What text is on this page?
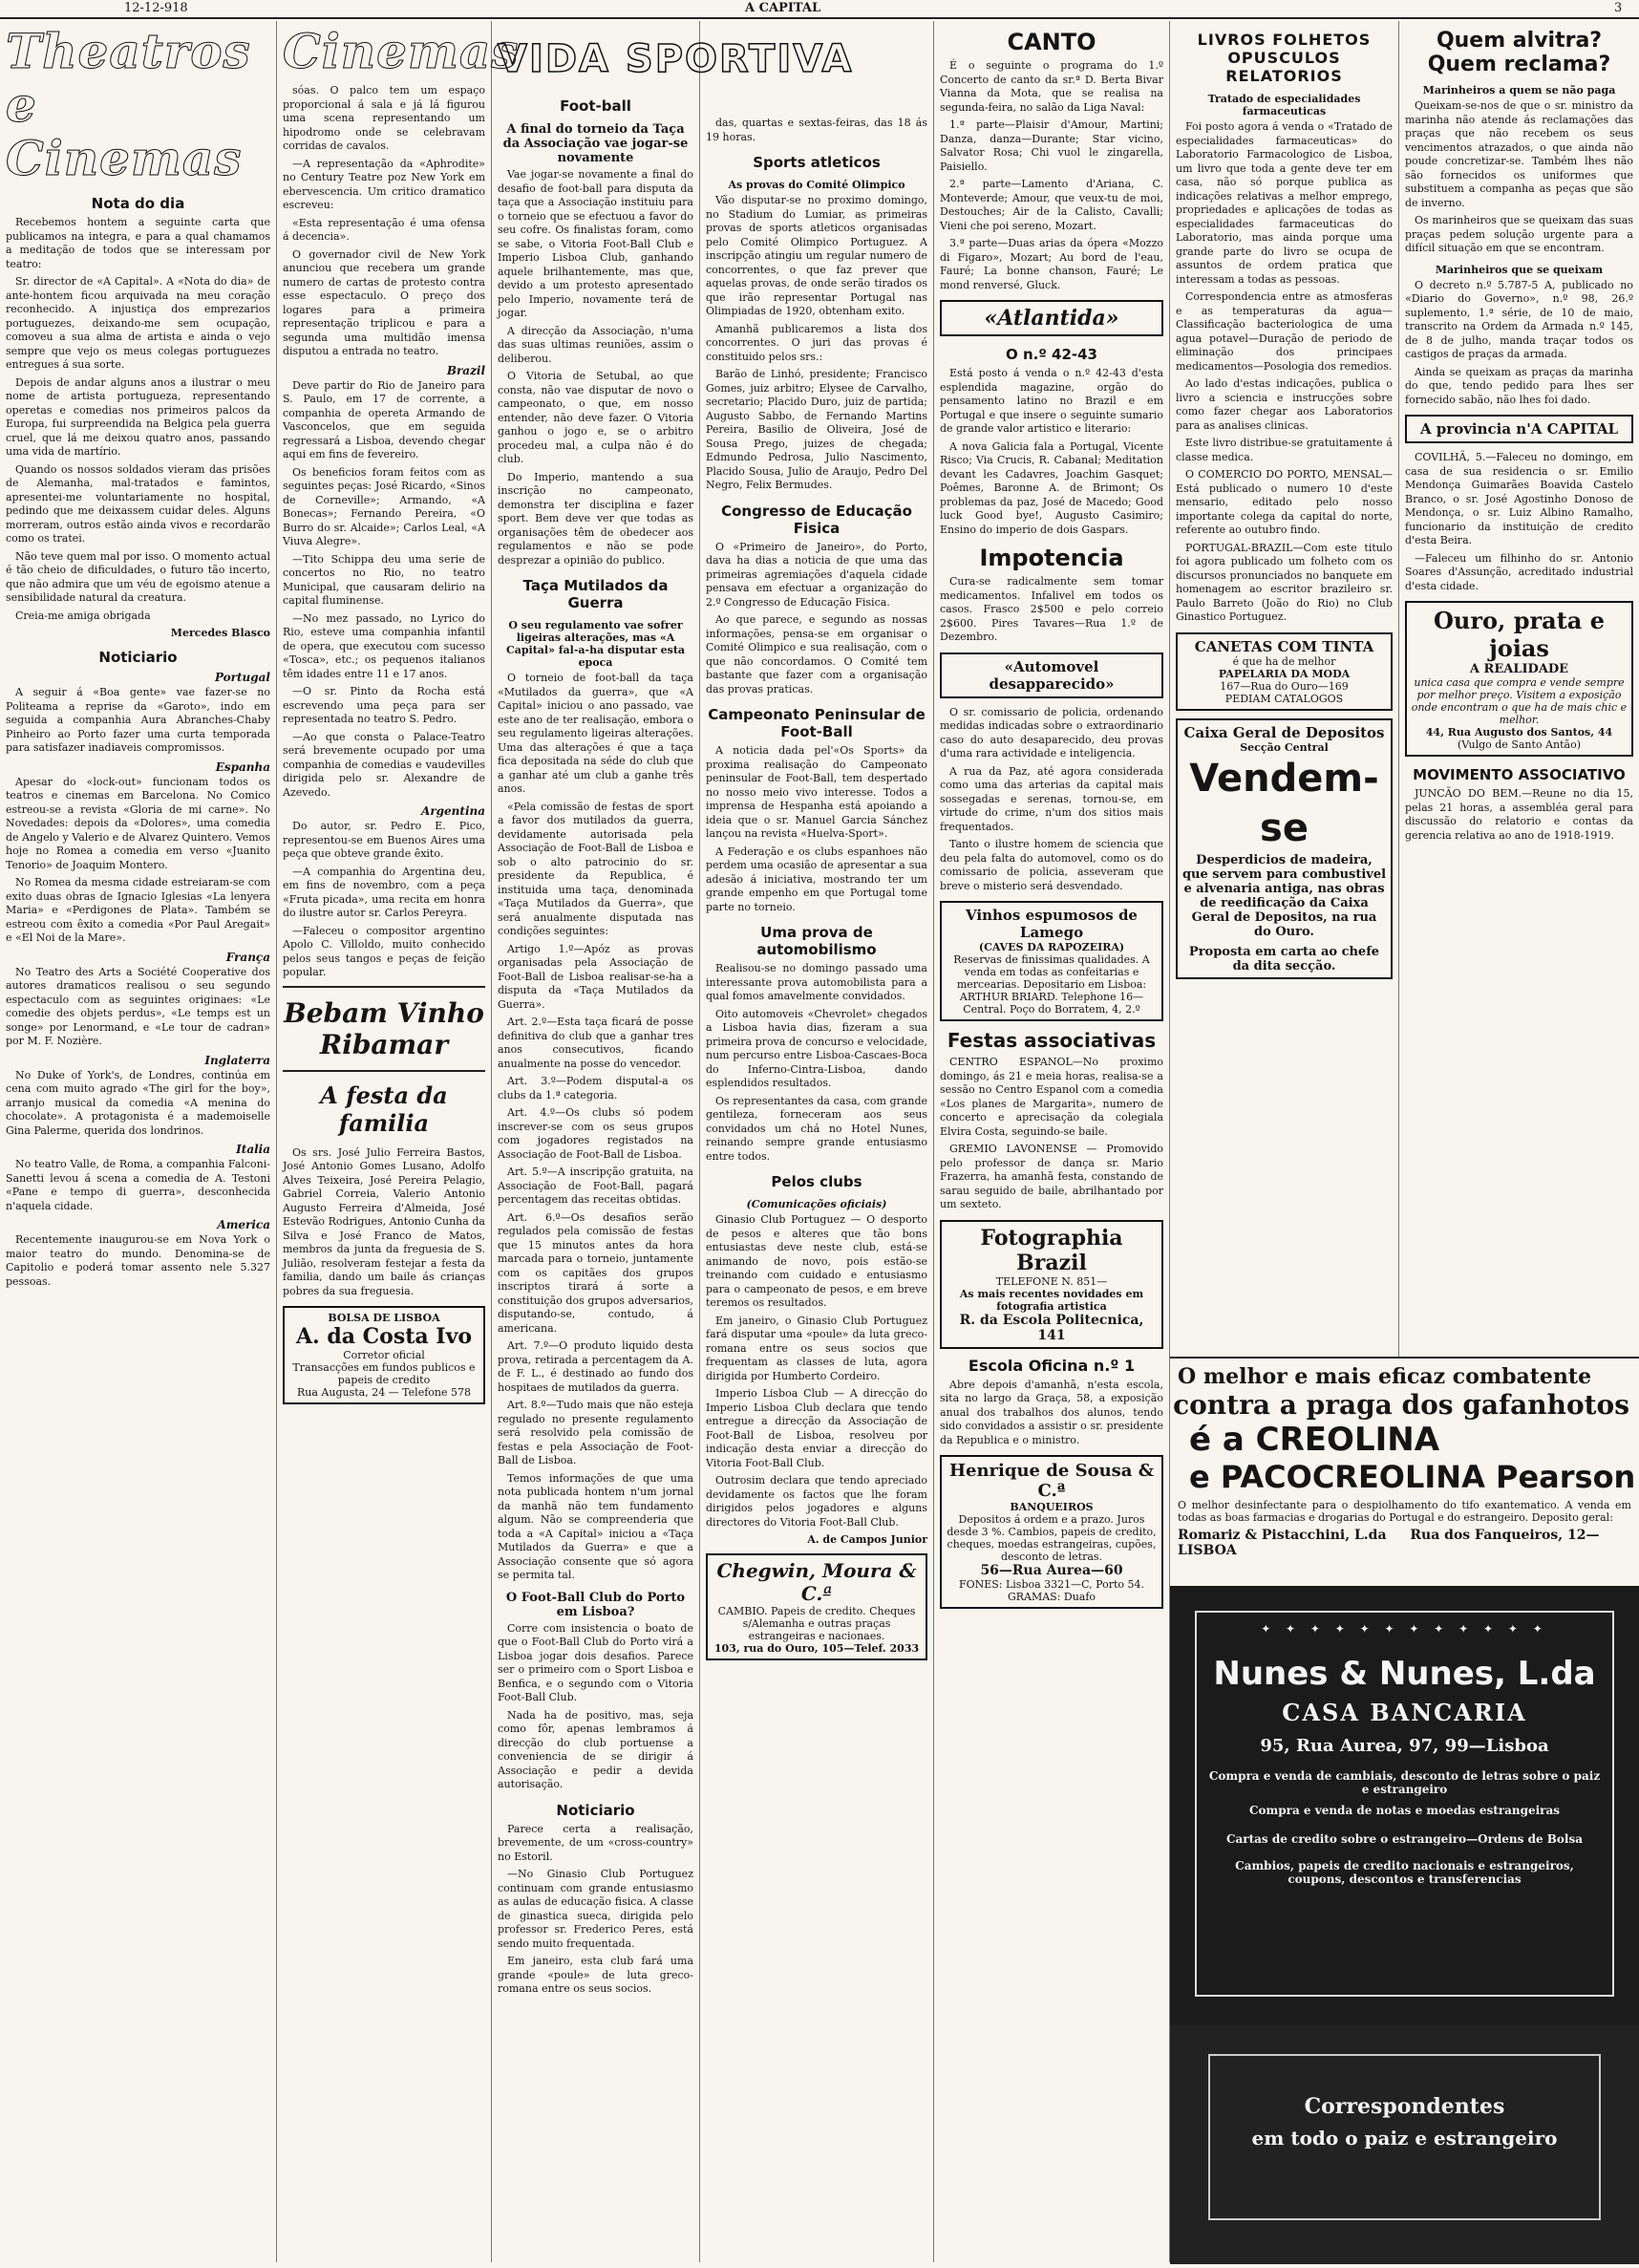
12-12-918	A CAPITAL	3
Theatros e Cinemas
Nota do dia

Recebemos hontem a seguinte carta que publicamos na integra, e para a qual chamamos a meditação de todos que se interessam por teatro:

Sr. director de «A Capital». A «Nota do dia» de ante-hontem ficou arquivada na meu coração reconhecido. A injustiça dos emprezarios portuguezes, deixando-me sem ocupação, comoveu a sua alma de artista e ainda o vejo sempre que vejo os meus colegas portuguezes entregues á sua sorte.

Depois de andar alguns anos a ilustrar o meu nome de artista portugueza, representando operetas e comedias nos primeiros palcos da Europa, fui surpreendida na Belgica pela guerra cruel, que lá me deixou quatro anos, passando uma vida de martírio.

Quando os nossos soldados vieram das prisões de Alemanha, mal-tratados e famintos, apresentei-me voluntariamente no hospital, pedindo que me deixassem cuidar deles. Alguns morreram, outros estão ainda vivos e recordarão como os tratei.

Não teve quem mal por isso. O momento actual é tão cheio de dificuldades, o futuro tão incerto, que não admira que um véu de egoismo atenue a sensibilidade natural da creatura.

Creia-me amiga obrigada

Mercedes Blasco
Noticiario
Portugal

A seguir á «Boa gente» vae fazer-se no Politeama a reprise da «Garoto», indo em seguida a companhia Aura Abranches-Chaby Pinheiro ao Porto fazer uma curta temporada para satisfazer inadiaveis compromissos.

Espanha

Apesar do «lock-out» funcionam todos os teatros e cinemas em Barcelona. No Comico estreou-se a revista «Gloria de mi carne». No Novedades: depois da «Dolores», uma comedia de Angelo y Valerio e de Alvarez Quintero. Vemos hoje no Romea a comedia em verso «Juanito Tenorio» de Joaquim Montero.

No Romea da mesma cidade estreiaram-se com exito duas obras de Ignacio Iglesias «La lenyera Maria» e «Perdigones de Plata». Também se estreou com êxito a comedia «Por Paul Aregait» e «El Noi de la Mare».

França

No Teatro des Arts a Société Cooperative dos autores dramaticos realisou o seu segundo espectaculo com as seguintes originaes: «Le comedie des objets perdus», «Le temps est un songe» por Lenormand, e «Le tour de cadran» por M. F. Nozière.

Inglaterra

No Duke of York's, de Londres, continúa em cena com muito agrado «The girl for the boy», arranjo musical da comedia «A menina do chocolate». A protagonista é a mademoiselle Gina Palerme, querida dos londrinos.

Italia

No teatro Valle, de Roma, a companhia Falconi-Sanetti levou á scena a comedia de A. Testoni «Pane e tempo di guerra», desconhecida n'aquela cidade.

America

Recentemente inaugurou-se em Nova York o maior teatro do mundo. Denomina-se de Capitolio e poderá tomar assento nele 5.327 pessoas.

Cinemas

sóas. O palco tem um espaço proporcional á sala e já lá figurou uma scena representando um hipodromo onde se celebravam corridas de cavalos.

—A representação da «Aphrodite» no Century Teatre poz New York em ebervescencia. Um critico dramatico escreveu:

«Esta representação é uma ofensa á decencia».

O governador civil de New York anunciou que recebera um grande numero de cartas de protesto contra esse espectaculo. O preço dos logares para a primeira representação triplicou e para a segunda uma multidão imensa disputou a entrada no teatro.

Brazil

Deve partir do Rio de Janeiro para S. Paulo, em 17 de corrente, a companhia de opereta Armando de Vasconcelos, que em seguida regressará a Lisboa, devendo chegar aqui em fins de fevereiro.

Os beneficios foram feitos com as seguintes peças: José Ricardo, «Sinos de Corneville»; Armando, «A Bonecas»; Fernando Pereira, «O Burro do sr. Alcaide»; Carlos Leal, «A Viuva Alegre».

—Tito Schippa deu uma serie de concertos no Rio, no teatro Municipal, que causaram delirio na capital fluminense.

—No mez passado, no Lyrico do Rio, esteve uma companhia infantil de opera, que executou com sucesso «Tosca», etc.; os pequenos italianos têm idades entre 11 e 17 anos.

—O sr. Pinto da Rocha está escrevendo uma peça para ser representada no teatro S. Pedro.

—Ao que consta o Palace-Teatro será brevemente ocupado por uma companhia de comedias e vaudevilles dirigida pelo sr. Alexandre de Azevedo.

Argentina

Do autor, sr. Pedro E. Pico, representou-se em Buenos Aires uma peça que obteve grande êxito.

—A companhia do Argentina deu, em fins de novembro, com a peça «Fruta picada», uma recita em honra do ilustre autor sr. Carlos Pereyra.

—Faleceu o compositor argentino Apolo C. Villoldo, muito conhecido pelos seus tangos e peças de feição popular.

Bebam Vinho Ribamar
A festa da familia

Os srs. José Julio Ferreira Bastos, José Antonio Gomes Lusano, Adolfo Alves Teixeira, José Pereira Pelagio, Gabriel Correia, Valerio Antonio Augusto Ferreira d'Almeida, José Estevão Rodrigues, Antonio Cunha da Silva e José Franco de Matos, membros da junta da freguesia de S. Julião, resolveram festejar a festa da familia, dando um baile ás crianças pobres da sua freguesia.

BOLSA DE LISBOA
A. da Costa Ivo
Corretor oficial
Transacções em fundos publicos e papeis de credito
Rua Augusta, 24 — Telefone 578
VIDA SPORTIVA
Foot-ball
A final do torneio da Taça da Associação vae jogar-se novamente

Vae jogar-se novamente a final do desafio de foot-ball para disputa da taça que a Associação instituiu para o torneio que se efectuou a favor do seu cofre. Os finalistas foram, como se sabe, o Vitoria Foot-Ball Club e Imperio Lisboa Club, ganhando aquele brilhantemente, mas que, devido a um protesto apresentado pelo Imperio, novamente terá de jogar.

A direcção da Associação, n'uma das suas ultimas reuniões, assim o deliberou.

O Vitoria de Setubal, ao que consta, não vae disputar de novo o campeonato, o que, em nosso entender, não deve fazer. O Vitoria ganhou o jogo e, se o arbitro procedeu mal, a culpa não é do club.

Do Imperio, mantendo a sua inscrição no campeonato, demonstra ter disciplina e fazer sport. Bem deve ver que todas as organisações têm de obedecer aos regulamentos e não se pode desprezar a opinião do publico.

Taça Mutilados da Guerra
O seu regulamento vae sofrer ligeiras alterações, mas «A Capital» fal-a-ha disputar esta epoca

O torneio de foot-ball da taça «Mutilados da guerra», que «A Capital» iniciou o ano passado, vae este ano de ter realisação, embora o seu regulamento ligeiras alterações. Uma das alterações é que a taça fica depositada na séde do club que a ganhar até um club a ganhe três anos.

«Pela comissão de festas de sport a favor dos mutilados da guerra, devidamente autorisada pela Associação de Foot-Ball de Lisboa e sob o alto patrocinio do sr. presidente da Republica, é instituida uma taça, denominada «Taça Mutilados da Guerra», que será anualmente disputada nas condições seguintes:

Artigo 1.º—Apóz as provas organisadas pela Associação de Foot-Ball de Lisboa realisar-se-ha a disputa da «Taça Mutilados da Guerra».

Art. 2.º—Esta taça ficará de posse definitiva do club que a ganhar tres anos consecutivos, ficando anualmente na posse do vencedor.

Art. 3.º—Podem disputal-a os clubs da 1.ª categoria.

Art. 4.º—Os clubs só podem inscrever-se com os seus grupos com jogadores registados na Associação de Foot-Ball de Lisboa.

Art. 5.º—A inscripção gratuita, na Associação de Foot-Ball, pagará percentagem das receitas obtidas.

Art. 6.º—Os desafios serão regulados pela comissão de festas que 15 minutos antes da hora marcada para o torneio, juntamente com os capitães dos grupos inscriptos tirará á sorte a constituição dos grupos adversarios, disputando-se, contudo, á americana.

Art. 7.º—O produto liquido desta prova, retirada a percentagem da A. de F. L., é destinado ao fundo dos hospitaes de mutilados da guerra.

Art. 8.º—Tudo mais que não esteja regulado no presente regulamento será resolvido pela comissão de festas e pela Associação de Foot-Ball de Lisboa.

Temos informações de que uma nota publicada hontem n'um jornal da manhã não tem fundamento algum. Não se compreenderia que toda a «A Capital» iniciou a «Taça Mutilados da Guerra» e que a Associação consente que só agora se permita tal.

O Foot-Ball Club do Porto em Lisboa?

Corre com insistencia o boato de que o Foot-Ball Club do Porto virá a Lisboa jogar dois desafios. Parece ser o primeiro com o Sport Lisboa e Benfica, e o segundo com o Vitoria Foot-Ball Club.

Nada ha de positivo, mas, seja como fôr, apenas lembramos á direcção do club portuense a conveniencia de se dirigir á Associação e pedir a devida autorisação.

Noticiario

Parece certa a realisação, brevemente, de um «cross-country» no Estoril.

—No Ginasio Club Portuguez continuam com grande entusiasmo as aulas de educação fisica. A classe de ginastica sueca, dirigida pelo professor sr. Frederico Peres, está sendo muito frequentada.

Em janeiro, esta club fará uma grande «poule» de luta greco-romana entre os seus socios.

das, quartas e sextas-feiras, das 18 ás 19 horas.

Sports atleticos
As provas do Comité Olimpico

Vão disputar-se no proximo domingo, no Stadium do Lumiar, as primeiras provas de sports atleticos organisadas pelo Comité Olimpico Portuguez. A inscripção atingiu um regular numero de concorrentes, o que faz prever que aquelas provas, de onde serão tirados os que irão representar Portugal nas Olimpiadas de 1920, obtenham exito.

Amanhã publicaremos a lista dos concorrentes. O juri das provas é constituido pelos srs.:

Barão de Linhó, presidente; Francisco Gomes, juiz arbitro; Elysee de Carvalho, secretario; Placido Duro, juiz de partida; Augusto Sabbo, de Fernando Martins Pereira, Basilio de Oliveira, José de Sousa Prego, juizes de chegada; Edmundo Pedrosa, Julio Nascimento, Placido Sousa, Julio de Araujo, Pedro Del Negro, Felix Bermudes.

Congresso de Educação Fisica

O «Primeiro de Janeiro», do Porto, dava ha dias a noticia de que uma das primeiras agremiações d'aquela cidade pensava em efectuar a organização do 2.º Congresso de Educação Fisica.

Ao que parece, e segundo as nossas informações, pensa-se em organisar o Comité Olimpico e sua realisação, com o que não concordamos. O Comité tem bastante que fazer com a organisação das provas praticas.

Campeonato Peninsular de Foot-Ball

A noticia dada pel'«Os Sports» da proxima realisação do Campeonato peninsular de Foot-Ball, tem despertado no nosso meio vivo interesse. Todos a imprensa de Hespanha está apoiando a ideia que o sr. Manuel Garcia Sánchez lançou na revista «Huelva-Sport».

A Federação e os clubs espanhoes não perdem uma ocasião de apresentar a sua adesão á iniciativa, mostrando ter um grande empenho em que Portugal tome parte no torneio.

Uma prova de automobilismo

Realisou-se no domingo passado uma interessante prova automobilista para a qual fomos amavelmente convidados.

Oito automoveis «Chevrolet» chegados a Lisboa havia dias, fizeram a sua primeira prova de concurso e velocidade, num percurso entre Lisboa-Cascaes-Boca do Inferno-Cintra-Lisboa, dando esplendidos resultados.

Os representantes da casa, com grande gentileza, forneceram aos seus convidados um chá no Hotel Nunes, reinando sempre grande entusiasmo entre todos.

Pelos clubs
(Comunicações oficiais)

Ginasio Club Portuguez — O desporto de pesos e alteres que tão bons entusiastas deve neste club, está-se animando de novo, pois estão-se treinando com cuidado e entusiasmo para o campeonato de pesos, e em breve teremos os resultados.

Em janeiro, o Ginasio Club Portuguez fará disputar uma «poule» da luta greco-romana entre os seus socios que frequentam as classes de luta, agora dirigida por Humberto Cordeiro.

Imperio Lisboa Club — A direcção do Imperio Lisboa Club declara que tendo entregue a direcção da Associação de Foot-Ball de Lisboa, resolveu por indicação desta enviar a direcção do Vitoria Foot-Ball Club.

Outrosim declara que tendo apreciado devidamente os factos que lhe foram dirigidos pelos jogadores e alguns directores do Vitoria Foot-Ball Club.

A. de Campos Junior
Chegwin, Moura & C.ª
CAMBIO. Papeis de credito. Cheques s/Alemanha e outras praças estrangeiras e nacionaes.
103, rua do Ouro, 105—Telef. 2033
CANTO

É o seguinte o programa do 1.º Concerto de canto da sr.ª D. Berta Bivar Vianna da Mota, que se realisa na segunda-feira, no salão da Liga Naval:

1.ª parte—Plaisir d'Amour, Martini; Danza, danza—Durante; Star vicino, Salvator Rosa; Chi vuol le zingarella, Paisiello.

2.ª parte—Lamento d'Ariana, C. Monteverde; Amour, que veux-tu de moi, Destouches; Air de la Calisto, Cavalli; Vieni che poi sereno, Mozart.

3.ª parte—Duas arias da ópera «Mozzo di Figaro», Mozart; Au bord de l'eau, Fauré; La bonne chanson, Fauré; Le mond renversé, Gluck.

«Atlantida»
O n.º 42-43

Está posto á venda o n.º 42-43 d'esta esplendida magazine, orgão do pensamento latino no Brazil e em Portugal e que insere o seguinte sumario de grande valor artistico e literario:

A nova Galicia fala a Portugal, Vicente Risco; Via Crucis, R. Cabanal; Meditation devant les Cadavres, Joachim Gasquet; Poêmes, Baronne A. de Brimont; Os problemas da paz, José de Macedo; Good luck Good bye!, Augusto Casimiro; Ensino do imperio de dois Gaspars.

Impotencia

Cura-se radicalmente sem tomar medicamentos. Infalivel em todos os casos. Frasco 2$500 e pelo correio 2$600. Pires Tavares—Rua 1.º de Dezembro.

«Automovel desapparecido»

O sr. comissario de policia, ordenando medidas indicadas sobre o extraordinario caso do auto desaparecido, deu provas d'uma rara actividade e inteligencia.

A rua da Paz, até agora considerada como uma das arterias da capital mais sossegadas e serenas, tornou-se, em virtude do crime, n'um dos sitios mais frequentados.

Tanto o ilustre homem de sciencia que deu pela falta do automovel, como os do comissario de policia, asseveram que breve o misterio será desvendado.

Vinhos espumosos de Lamego
(CAVES DA RAPOZEIRA)
Reservas de finissimas qualidades. A venda em todas as confeitarias e mercearias. Depositario em Lisboa: ARTHUR BRIARD. Telephone 16—Central. Poço do Borratem, 4, 2.º
Festas associativas

CENTRO ESPANOL—No proximo domingo, ás 21 e meia horas, realisa-se a sessão no Centro Espanol com a comedia «Los planes de Margarita», numero de concerto e aprecisação da colegiala Elvira Costa, seguindo-se baile.

GREMIO LAVONENSE — Promovido pelo professor de dança sr. Mario Frazerra, ha amanhã festa, constando de sarau seguido de baile, abrilhantado por um sexteto.

Fotographia Brazil
TELEFONE N. 851—
As mais recentes novidades em fotografia artistica
R. da Escola Politecnica, 141
Escola Oficina n.º 1

Abre depois d'amanhã, n'esta escola, sita no largo da Graça, 58, a exposição anual dos trabalhos dos alunos, tendo sido convidados a assistir o sr. presidente da Republica e o ministro.

Henrique de Sousa & C.ª
BANQUEIROS
Depositos á ordem e a prazo. Juros desde 3 %. Cambios, papeis de credito, cheques, moedas estrangeiras, cupões, desconto de letras.
56—Rua Aurea—60
FONES: Lisboa 3321—C, Porto 54. GRAMAS: Duafo
LIVROS FOLHETOS OPUSCULOS RELATORIOS
Tratado de especialidades farmaceuticas

Foi posto agora á venda o «Tratado de especialidades farmaceuticas» do Laboratorio Farmacologico de Lisboa, um livro que toda a gente deve ter em casa, não só porque publica as indicações relativas a melhor emprego, propriedades e aplicações de todas as especialidades farmaceuticas do Laboratorio, mas ainda porque uma grande parte do livro se ocupa de assuntos de ordem pratica que interessam a todas as pessoas.

Correspondencia entre as atmosferas e as temperaturas da agua—Classificação bacteriologica de uma agua potavel—Duração de periodo de eliminação dos principaes medicamentos—Posologia dos remedios.

Ao lado d'estas indicações, publica o livro a sciencia e instrucções sobre como fazer chegar aos Laboratorios para as analises clinicas.

Este livro distribue-se gratuitamente á classe medica.

O COMERCIO DO PORTO, MENSAL—Está publicado o numero 10 d'este mensario, editado pelo nosso importante colega da capital do norte, referente ao outubro findo.

PORTUGAL-BRAZIL—Com este titulo foi agora publicado um folheto com os discursos pronunciados no banquete em homenagem ao escritor brazileiro sr. Paulo Barreto (João do Rio) no Club Ginastico Portuguez.

CANETAS COM TINTA
é que ha de melhor
PAPELARIA DA MODA
167—Rua do Ouro—169
PEDIAM CATALOGOS
Caixa Geral de Depositos
Secção Central
Vendem-se
Desperdicios de madeira, que servem para combustivel e alvenaria antiga, nas obras de reedificação da Caixa Geral de Depositos, na rua do Ouro.
Proposta em carta ao chefe da dita secção.
Quem alvitra? Quem reclama?
Marinheiros a quem se não paga

Queixam-se-nos de que o sr. ministro da marinha não atende ás reclamações das praças que não recebem os seus vencimentos atrazados, o que ainda não poude concretizar-se. Também lhes não são fornecidos os uniformes que substituem a companha as peças que são de inverno.

Os marinheiros que se queixam das suas praças pedem solução urgente para a difícil situação em que se encontram.

Marinheiros que se queixam

O decreto n.º 5.787-5 A, publicado no «Diario do Governo», n.º 98, 26.º suplemento, 1.ª série, de 10 de maio, transcrito na Ordem da Armada n.º 145, de 8 de julho, manda traçar todos os castigos de praças da armada.

Ainda se queixam as praças da marinha do que, tendo pedido para lhes ser fornecido sabão, não lhes foi dado.

A provincia n'A CAPITAL

COVILHÃ, 5.—Faleceu no domingo, em casa de sua residencia o sr. Emilio Mendonça Guimarães Boavida Castelo Branco, o sr. José Agostinho Donoso de Mendonça, o sr. Luiz Albino Ramalho, funcionario da instituição de credito d'esta Beira.

—Faleceu um filhinho do sr. Antonio Soares d'Assunção, acreditado industrial d'esta cidade.

Ouro, prata e joias
A REALIDADE
unica casa que compra e vende sempre por melhor preço. Visitem a exposição onde encontram o que ha de mais chic e melhor.
44, Rua Augusto dos Santos, 44
(Vulgo de Santo Antão)
MOVIMENTO ASSOCIATIVO

JUNCÃO DO BEM.—Reune no dia 15, pelas 21 horas, a assembléa geral para discussão do relatorio e contas da gerencia relativa ao ano de 1918-1919.

O melhor e mais eficaz combatente
contra a praga dos gafanhotos
é a CREOLINA
e PACOCREOLINA Pearson
O melhor desinfectante para o despiolhamento do tifo exantematico. A venda em todas as boas farmacias e drogarias do Portugal e do estrangeiro. Deposito geral:
Romariz & Pistacchini, L.da Rua dos Fanqueiros, 12—LISBOA
✦ ✦ ✦ ✦ ✦ ✦ ✦ ✦ ✦ ✦ ✦ ✦
Nunes & Nunes, L.da
CASA BANCARIA
95, Rua Aurea, 97, 99—Lisboa
Compra e venda de cambiais, desconto de letras sobre o paiz e estrangeiro
Compra e venda de notas e moedas estrangeiras
Cartas de credito sobre o estrangeiro—Ordens de Bolsa
Cambios, papeis de credito nacionais e estrangeiros, coupons, descontos e transferencias
Correspondentes
em todo o paiz e estrangeiro
